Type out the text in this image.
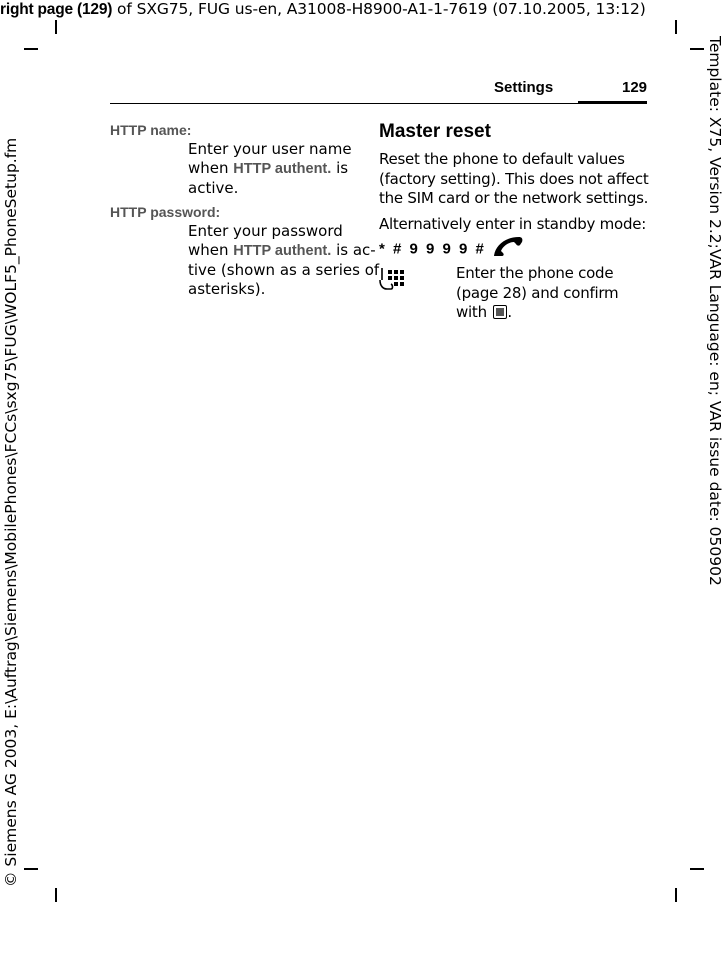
right page (129) of SXG75, FUG us-en, A31008-H8900-A1-1-7619 (07.10.2005, 13:12)
© Siemens AG 2003, E:\Auftrag\Siemens\MobilePhones\FCCs\sxg75\FUG\WOLF5_PhoneSetup.fm	Template: X75, Version 2.2;VAR Language: en; VAR issue date: 050902
Settings	129
HTTP name:
Enter your user name
when HTTP authent. is
active.
HTTP password:
Enter your password
when HTTP authent. is ac-
tive (shown as a series of
asterisks).
Master reset
Reset the phone to default values
(factory setting). This does not affect
the SIM card or the network settings.
Alternatively enter in standby mode:
* # 9 9 9 9 #
Enter the phone code
(page 28) and confirm
with .
